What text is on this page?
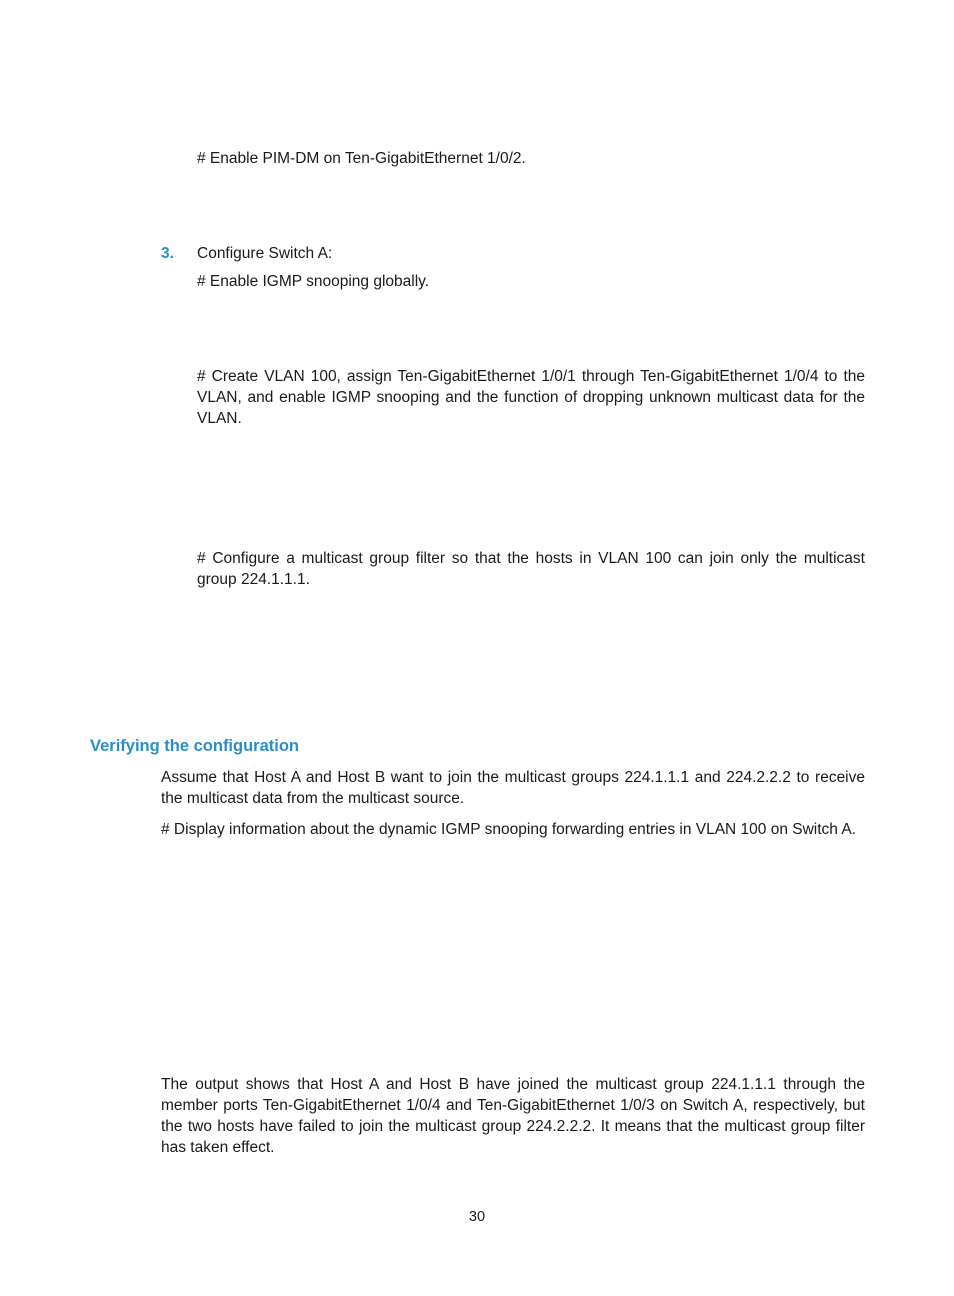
# Enable PIM-DM on Ten-GigabitEthernet 1/0/2.

3. Configure Switch A:

# Enable IGMP snooping globally.

# Create VLAN 100, assign Ten-GigabitEthernet 1/0/1 through Ten-GigabitEthernet 1/0/4 to the VLAN, and enable IGMP snooping and the function of dropping unknown multicast data for the VLAN.

# Configure a multicast group filter so that the hosts in VLAN 100 can join only the multicast group 224.1.1.1.

Verifying the configuration

Assume that Host A and Host B want to join the multicast groups 224.1.1.1 and 224.2.2.2 to receive the multicast data from the multicast source.

# Display information about the dynamic IGMP snooping forwarding entries in VLAN 100 on Switch A.

The output shows that Host A and Host B have joined the multicast group 224.1.1.1 through the member ports Ten-GigabitEthernet 1/0/4 and Ten-GigabitEthernet 1/0/3 on Switch A, respectively, but the two hosts have failed to join the multicast group 224.2.2.2. It means that the multicast group filter has taken effect.

30
